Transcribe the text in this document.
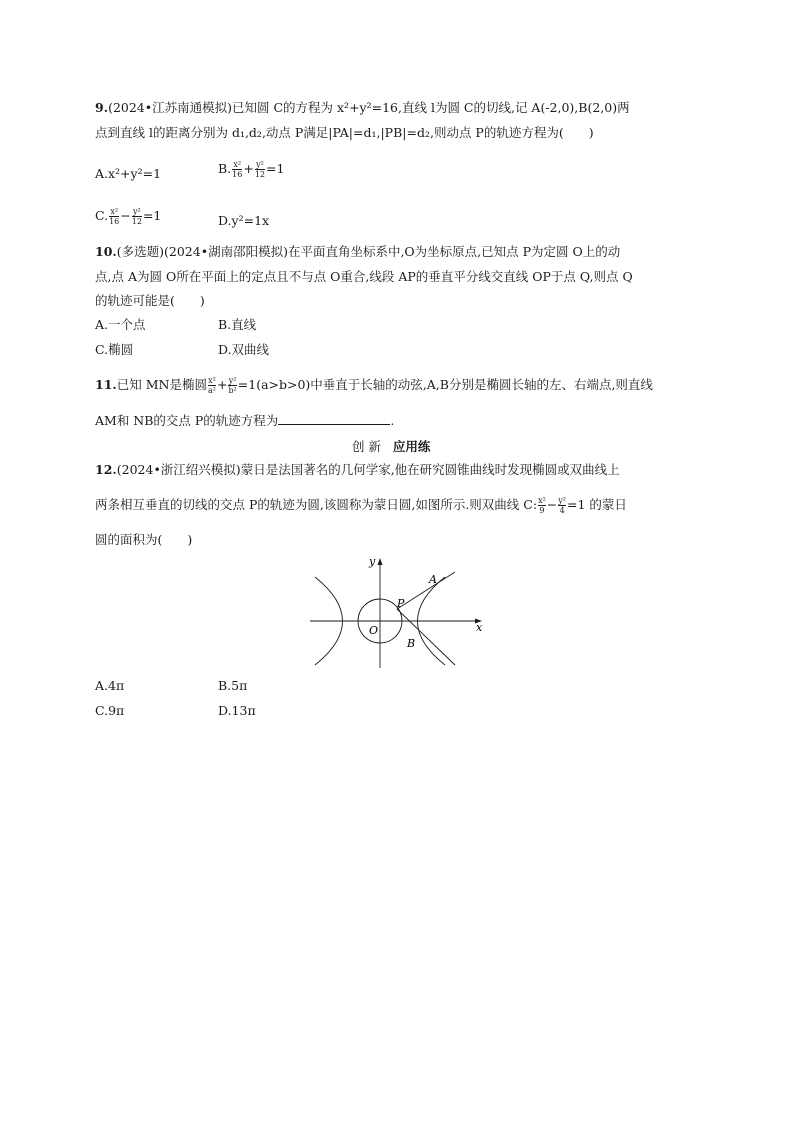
9.(2024•江苏南通模拟)已知圆 C的方程为 x²+y²=16,直线 l为圆 C的切线,记 A(-2,0),B(2,0)两
点到直线 l的距离分别为 d₁,d₂,动点 P满足|PA|=d₁,|PB|=d₂,则动点 P的轨迹方程为(　　)
A.x²+y²=1	B. $\frac{\text{x²}}{16} + \frac{\text{y²}}{12} =1$
C. $\frac{\text{x²}}{16} - \frac{\text{y²}}{12} =1$	D.y²=1x
10.(多选题)(2024•湖南邵阳模拟)在平面直角坐标系中,O为坐标原点,已知点 P为定圆 O上的动
点,点 A为圆 O所在平面上的定点且不与点 O重合,线段 AP的垂直平分线交直线 OP于点 Q,则点 Q
的轨迹可能是(　　)
A.一个点	B.直线
C.椭圆	D.双曲线
11.已知 MN是椭圆 $\frac{\text{x²}}{\text{a²}} + \frac{\text{y²}}{\text{b²}} =1(a>b>0)$中垂直于长轴的动弦,A,B分别是椭圆长轴的左、右端点,则直线
AM和 NB的交点 P的轨迹方程为	.
创 新 应用练
12.(2024•浙江绍兴模拟)蒙日是法国著名的几何学家,他在研究圆锥曲线时发现椭圆或双曲线上
两条相互垂直的切线的交点 P的轨迹为圆,该圆称为蒙日圆,如图所示.则双曲线 C: $\frac{\text{x²}}{9} - \frac{\text{y²}}{4} =1$ 的蒙日
圆的面积为(　　)
y
x
O
P
A
B
A.4π	B.5π
C.9π	D.13π
